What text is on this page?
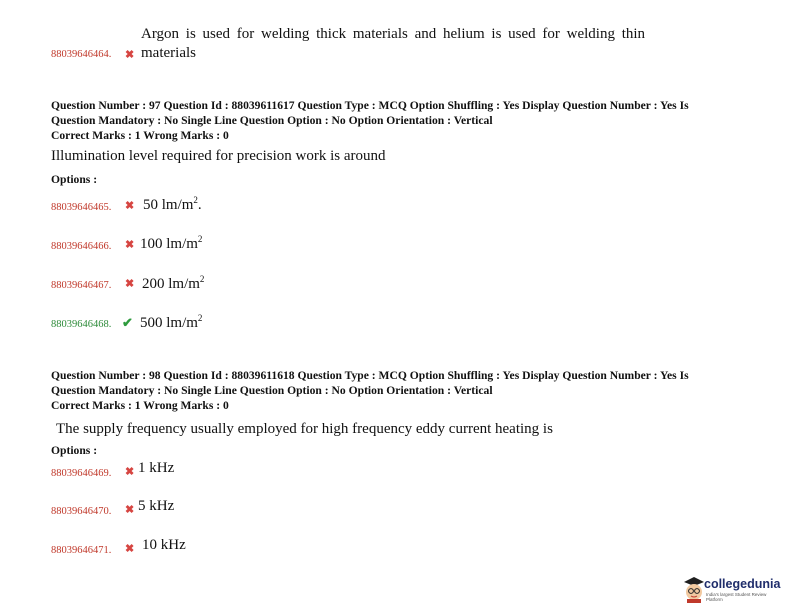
Argon is used for welding thick materials and helium is used for welding thin
88039646464. ✖ materials
Question Number : 97 Question Id : 88039611617 Question Type : MCQ Option Shuffling : Yes Display Question Number : Yes Is
Question Mandatory : No Single Line Question Option : No Option Orientation : Vertical
Correct Marks : 1 Wrong Marks : 0
Illumination level required for precision work is around
Options :
88039646465. ✖ 50 $lm/m^2$.
88039646466. ✖ 100 $lm/m^2$
88039646467. ✖ 200 $lm/m^2$
88039646468. ✔ 500 $lm/m^2$
Question Number : 98 Question Id : 88039611618 Question Type : MCQ Option Shuffling : Yes Display Question Number : Yes Is
Question Mandatory : No Single Line Question Option : No Option Orientation : Vertical
Correct Marks : 1 Wrong Marks : 0
The supply frequency usually employed for high frequency eddy current heating is
Options :
88039646469. ✖ 1 kHz
88039646470. ✖ 5 kHz
88039646471. ✖ 10 kHz
collegedunia
India's largest Student Review Platform
